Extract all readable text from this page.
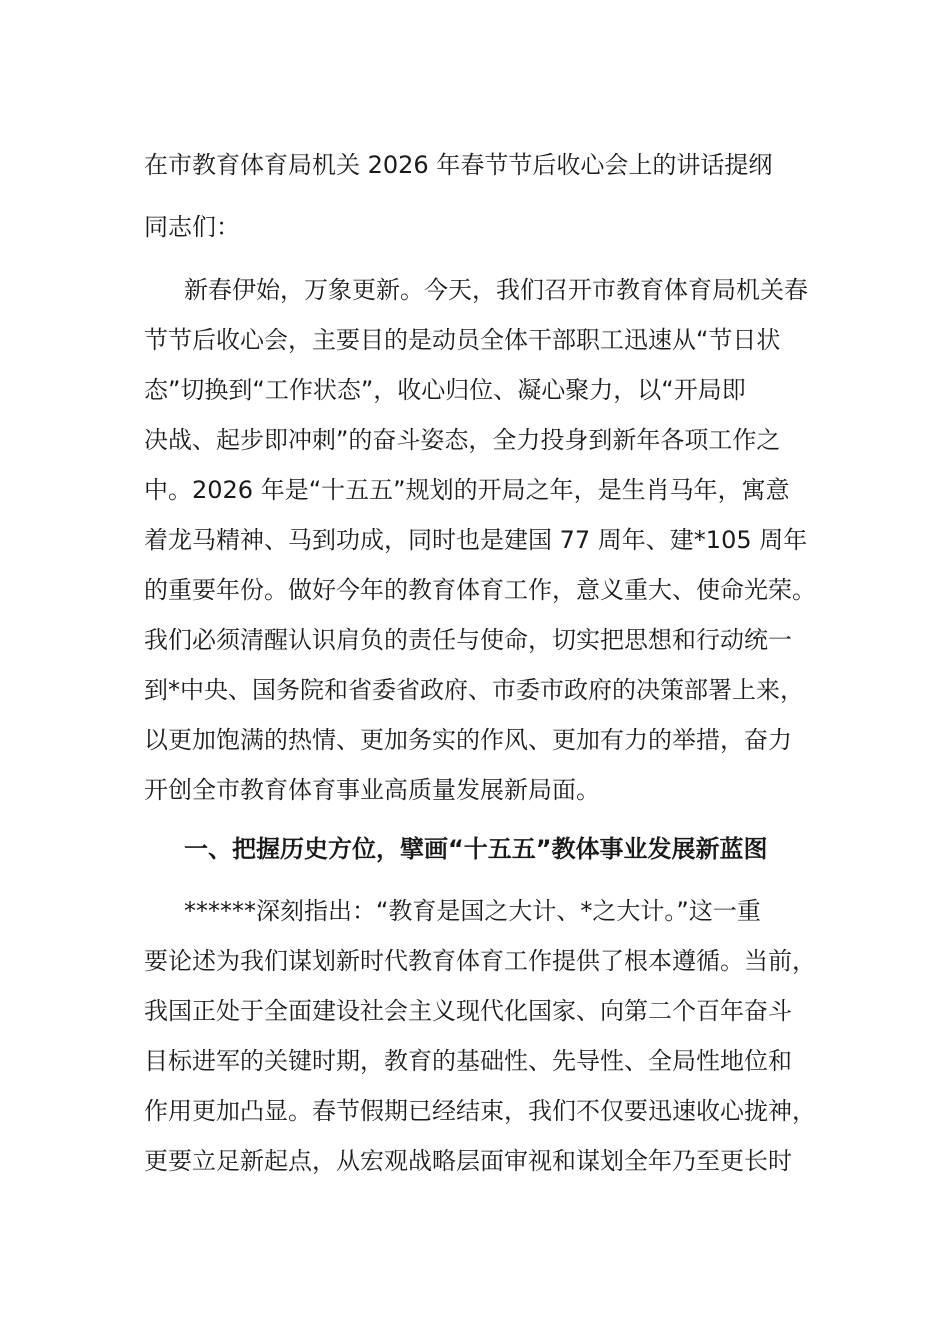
在市教育体育局机关 2026 年春节节后收心会上的讲话提纲
同志们：
新春伊始，万象更新。今天，我们召开市教育体育局机关春
节节后收心会，主要目的是动员全体干部职工迅速从“节日状
态”切换到“工作状态”，收心归位、凝心聚力，以“开局即
决战、起步即冲刺”的奋斗姿态，全力投身到新年各项工作之
中。2026 年是“十五五”规划的开局之年，是生肖马年，寓意
着龙马精神、马到功成，同时也是建国 77 周年、建*105 周年
的重要年份。做好今年的教育体育工作，意义重大、使命光荣。
我们必须清醒认识肩负的责任与使命，切实把思想和行动统一
到*中央、国务院和省委省政府、市委市政府的决策部署上来，
以更加饱满的热情、更加务实的作风、更加有力的举措，奋力
开创全市教育体育事业高质量发展新局面。
一、把握历史方位，擘画“十五五”教体事业发展新蓝图
******深刻指出：“教育是国之大计、*之大计。”这一重
要论述为我们谋划新时代教育体育工作提供了根本遵循。当前，
我国正处于全面建设社会主义现代化国家、向第二个百年奋斗
目标进军的关键时期，教育的基础性、先导性、全局性地位和
作用更加凸显。春节假期已经结束，我们不仅要迅速收心拢神，
更要立足新起点，从宏观战略层面审视和谋划全年乃至更长时
